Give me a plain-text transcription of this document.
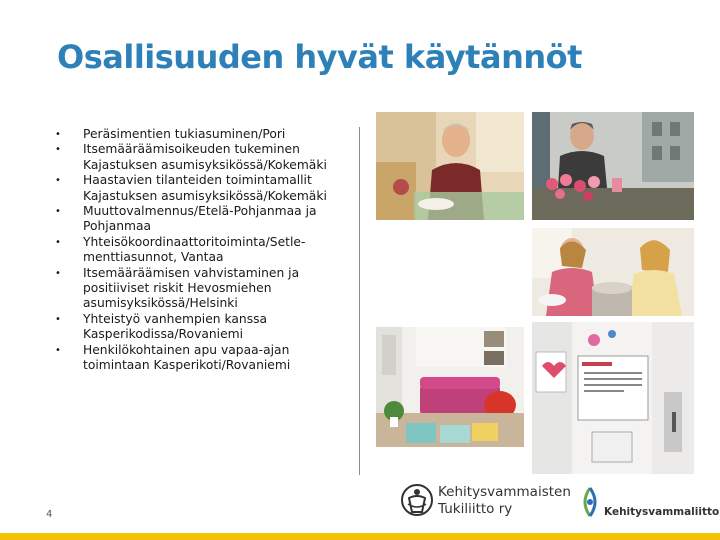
Osallisuuden hyvät käytännöt
• Peräsimentien tukiasuminen/Pori
• Itsemääräämisoikeuden tukeminen Kajastuksen asumisyksikössä/Kokemäki
• Haastavien tilanteiden toimintamallit Kajastuksen asumisyksikössä/Kokemäki
• Muuttovalmennus/Etelä-Pohjanmaa ja Pohjanmaa
• Yhteisökoordinaattoritoiminta/Setle-menttiasunnot, Vantaa
• Itsemääräämisen vahvistaminen ja positiiviset riskit Hevosmiehen asumisyksikössä/Helsinki
• Yhteistyö vanhempien kanssa Kasperikodissa/Rovaniemi
• Henkilökohtainen apu vapaa-ajan toimintaan Kasperikoti/Rovaniemi
4
Kehitysvammaisten
Tukiliitto ry	Kehitysvammaliitto
